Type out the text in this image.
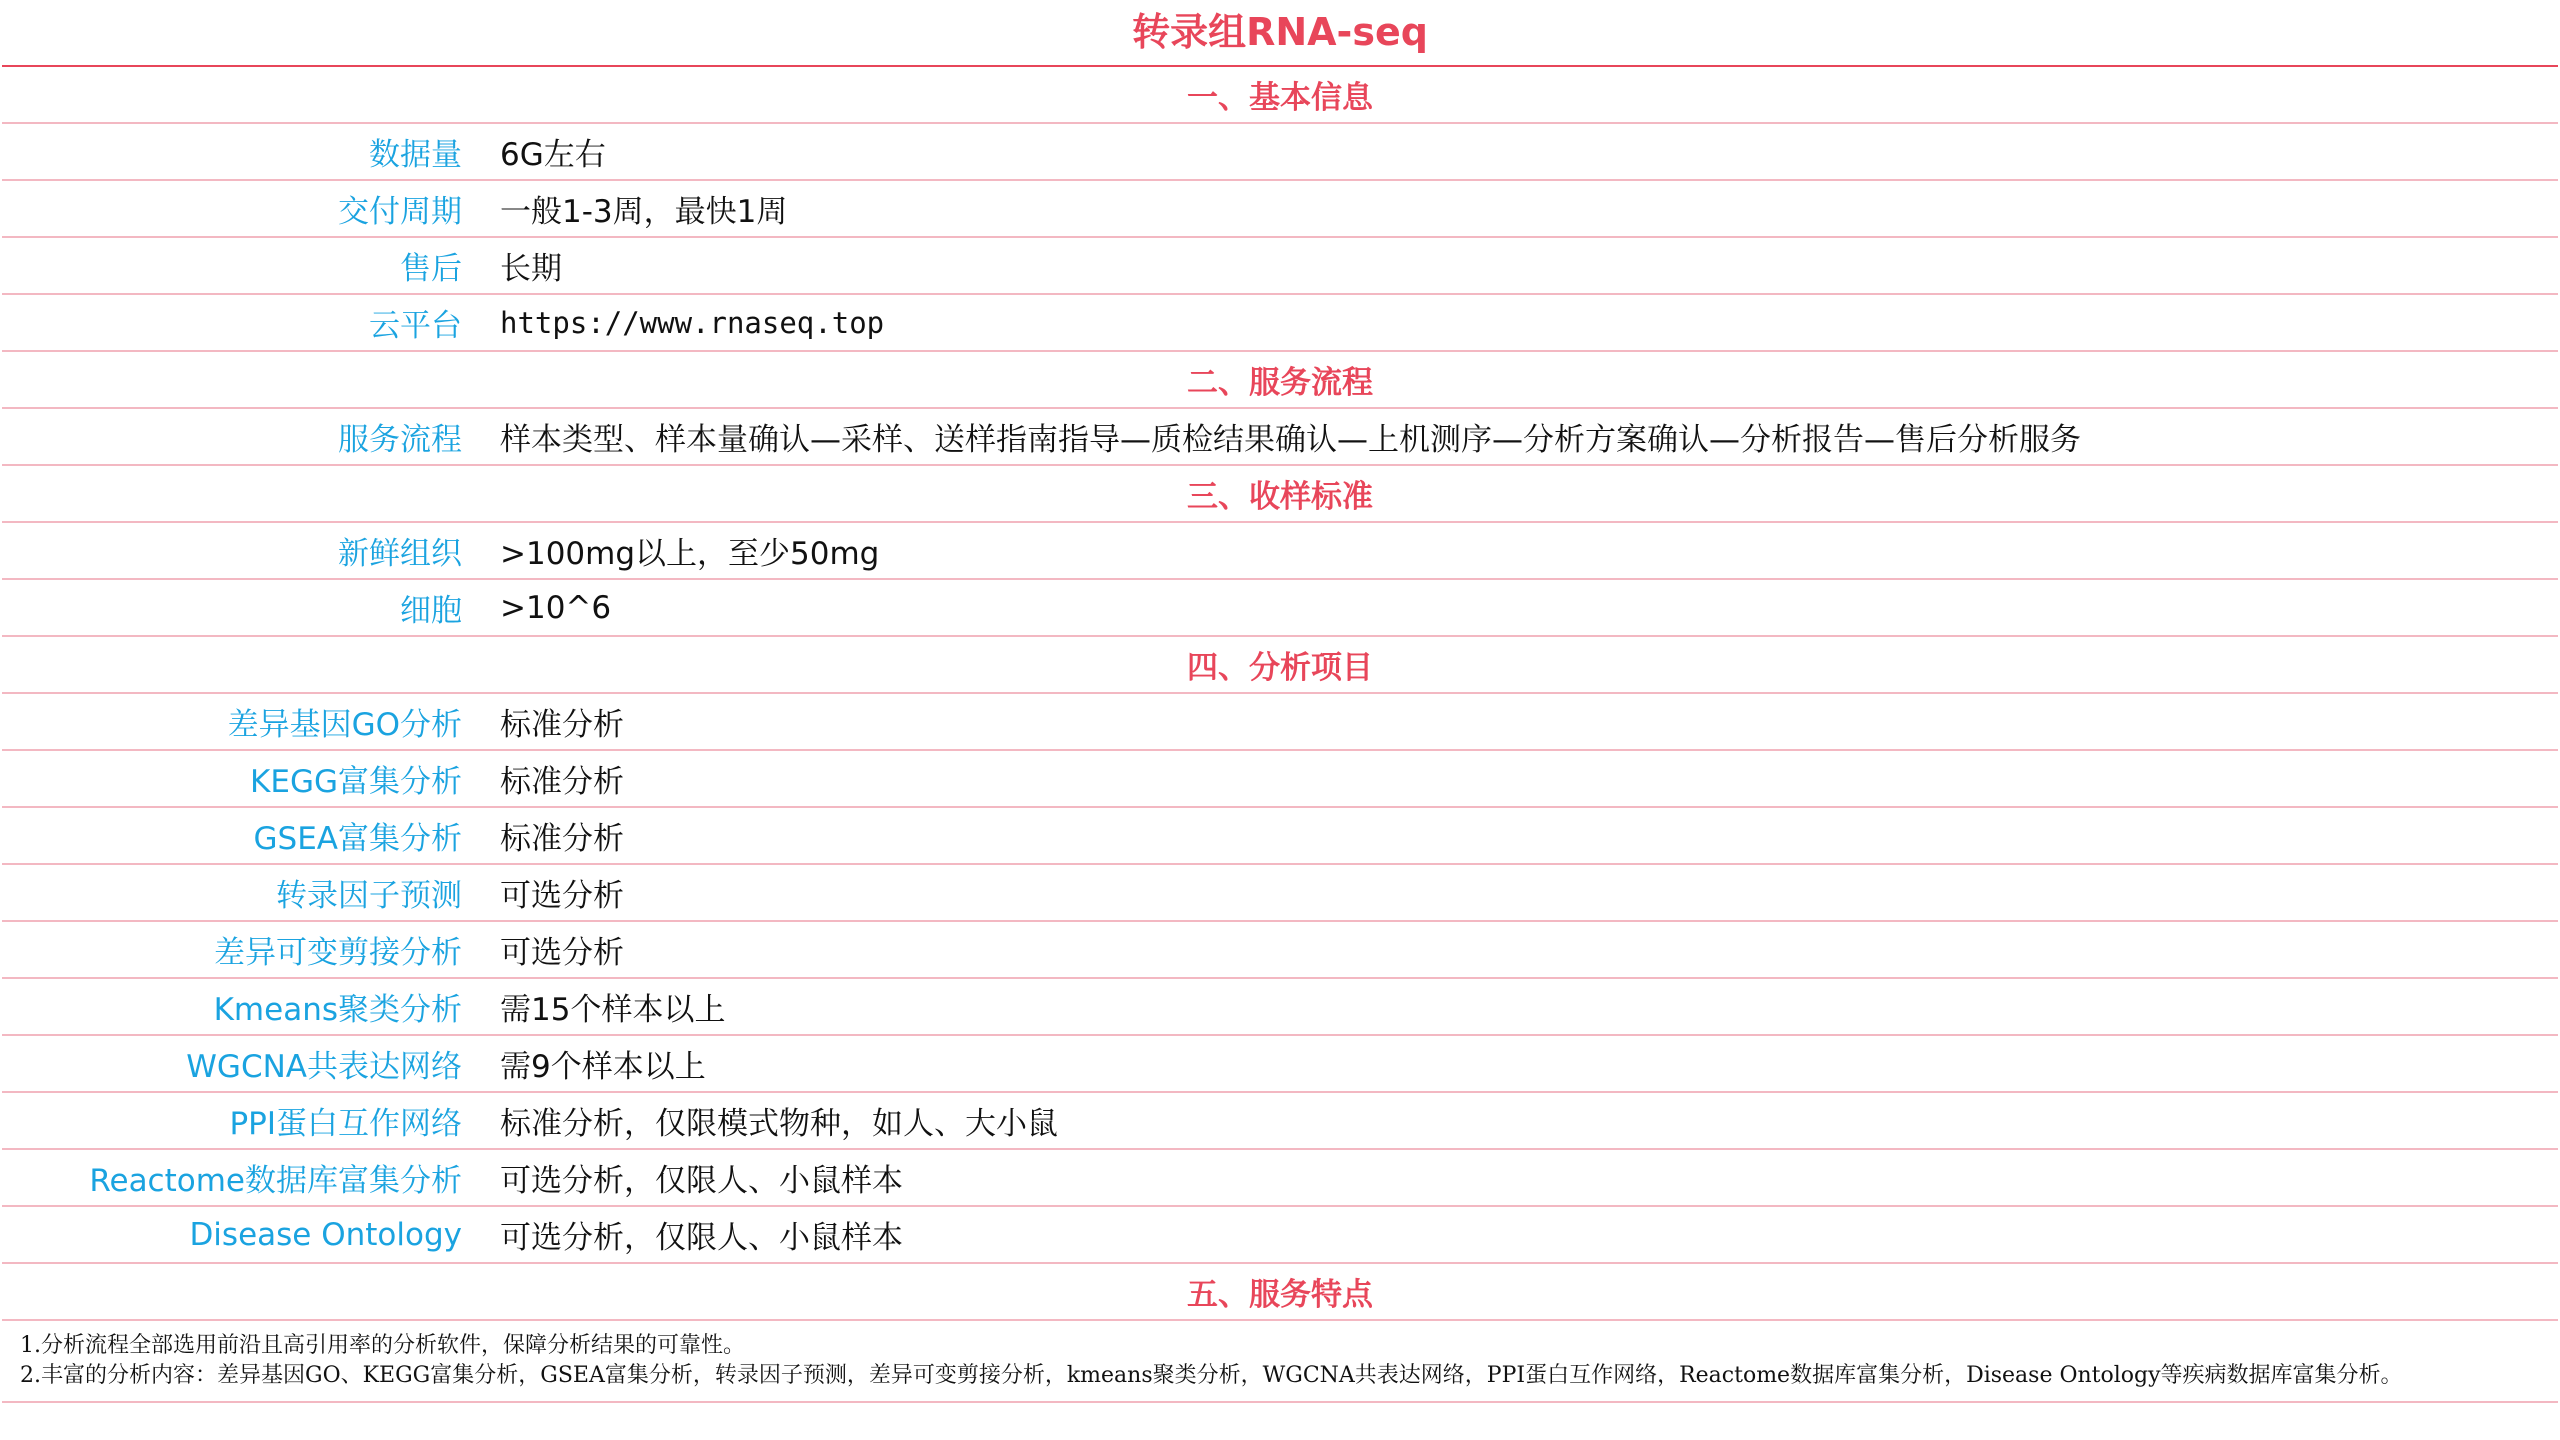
转录组RNA-seq
一、基本信息
数据量	6G左右
交付周期	一般1-3周，最快1周
售后	长期
云平台	https://www.rnaseq.top
二、服务流程
服务流程	样本类型、样本量确认—采样、送样指南指导—质检结果确认—上机测序—分析方案确认—分析报告—售后分析服务
三、收样标准
新鲜组织	>100mg以上，至少50mg
细胞	>10^6
四、分析项目
差异基因GO分析	标准分析
KEGG富集分析	标准分析
GSEA富集分析	标准分析
转录因子预测	可选分析
差异可变剪接分析	可选分析
Kmeans聚类分析	需15个样本以上
WGCNA共表达网络	需9个样本以上
PPI蛋白互作网络	标准分析，仅限模式物种，如人、大小鼠
Reactome数据库富集分析	可选分析，仅限人、小鼠样本
Disease Ontology	可选分析，仅限人、小鼠样本
五、服务特点

1.分析流程全部选用前沿且高引用率的分析软件，保障分析结果的可靠性。

2.丰富的分析内容：差异基因GO、KEGG富集分析，GSEA富集分析，转录因子预测，差异可变剪接分析，kmeans聚类分析，WGCNA共表达网络，PPI蛋白互作网络，Reactome数据库富集分析，Disease Ontology等疾病数据库富集分析。
